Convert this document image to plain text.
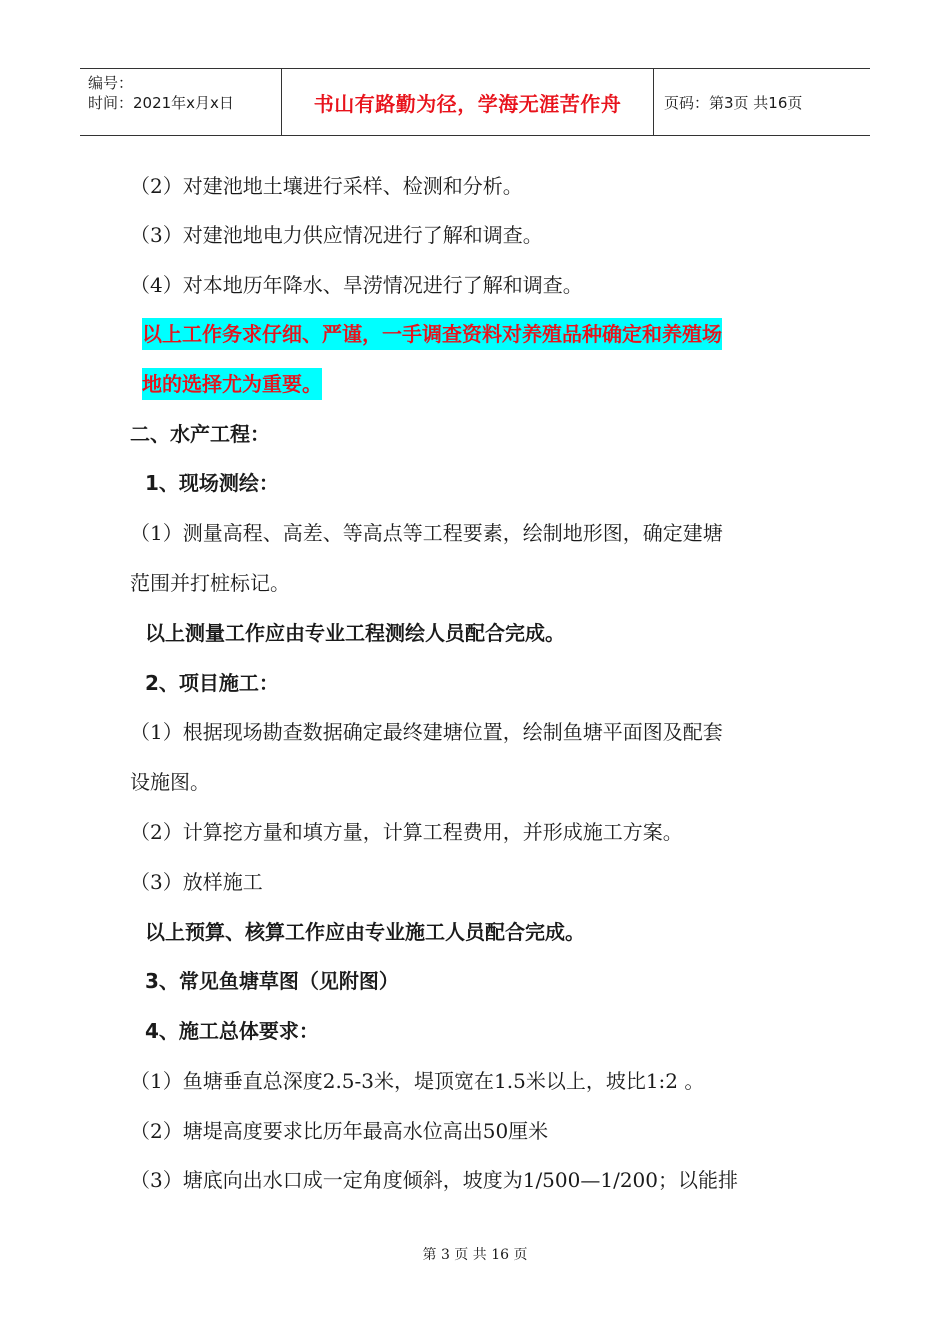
编号：
时间：2021年x月x日	书山有路勤为径，学海无涯苦作舟	页码：第3页 共16页
（2）对建池地土壤进行采样、检测和分析。
（3）对建池地电力供应情况进行了解和调查。
（4）对本地历年降水、旱涝情况进行了解和调查。
以上工作务求仔细、严谨，一手调查资料对养殖品种确定和养殖场
地的选择尤为重要。
二、水产工程：
1、现场测绘：
（1）测量高程、高差、等高点等工程要素，绘制地形图，确定建塘
范围并打桩标记。
以上测量工作应由专业工程测绘人员配合完成。
2、项目施工：
（1）根据现场勘查数据确定最终建塘位置，绘制鱼塘平面图及配套
设施图。
（2）计算挖方量和填方量，计算工程费用，并形成施工方案。
（3）放样施工
以上预算、核算工作应由专业施工人员配合完成。
3、常见鱼塘草图（见附图）
4、施工总体要求：
（1）鱼塘垂直总深度2.5-3米，堤顶宽在1.5米以上，坡比1:2 。
（2）塘堤高度要求比历年最高水位高出50厘米
（3）塘底向出水口成一定角度倾斜，坡度为1/500—1/200；以能排
第 3 页 共 16 页
